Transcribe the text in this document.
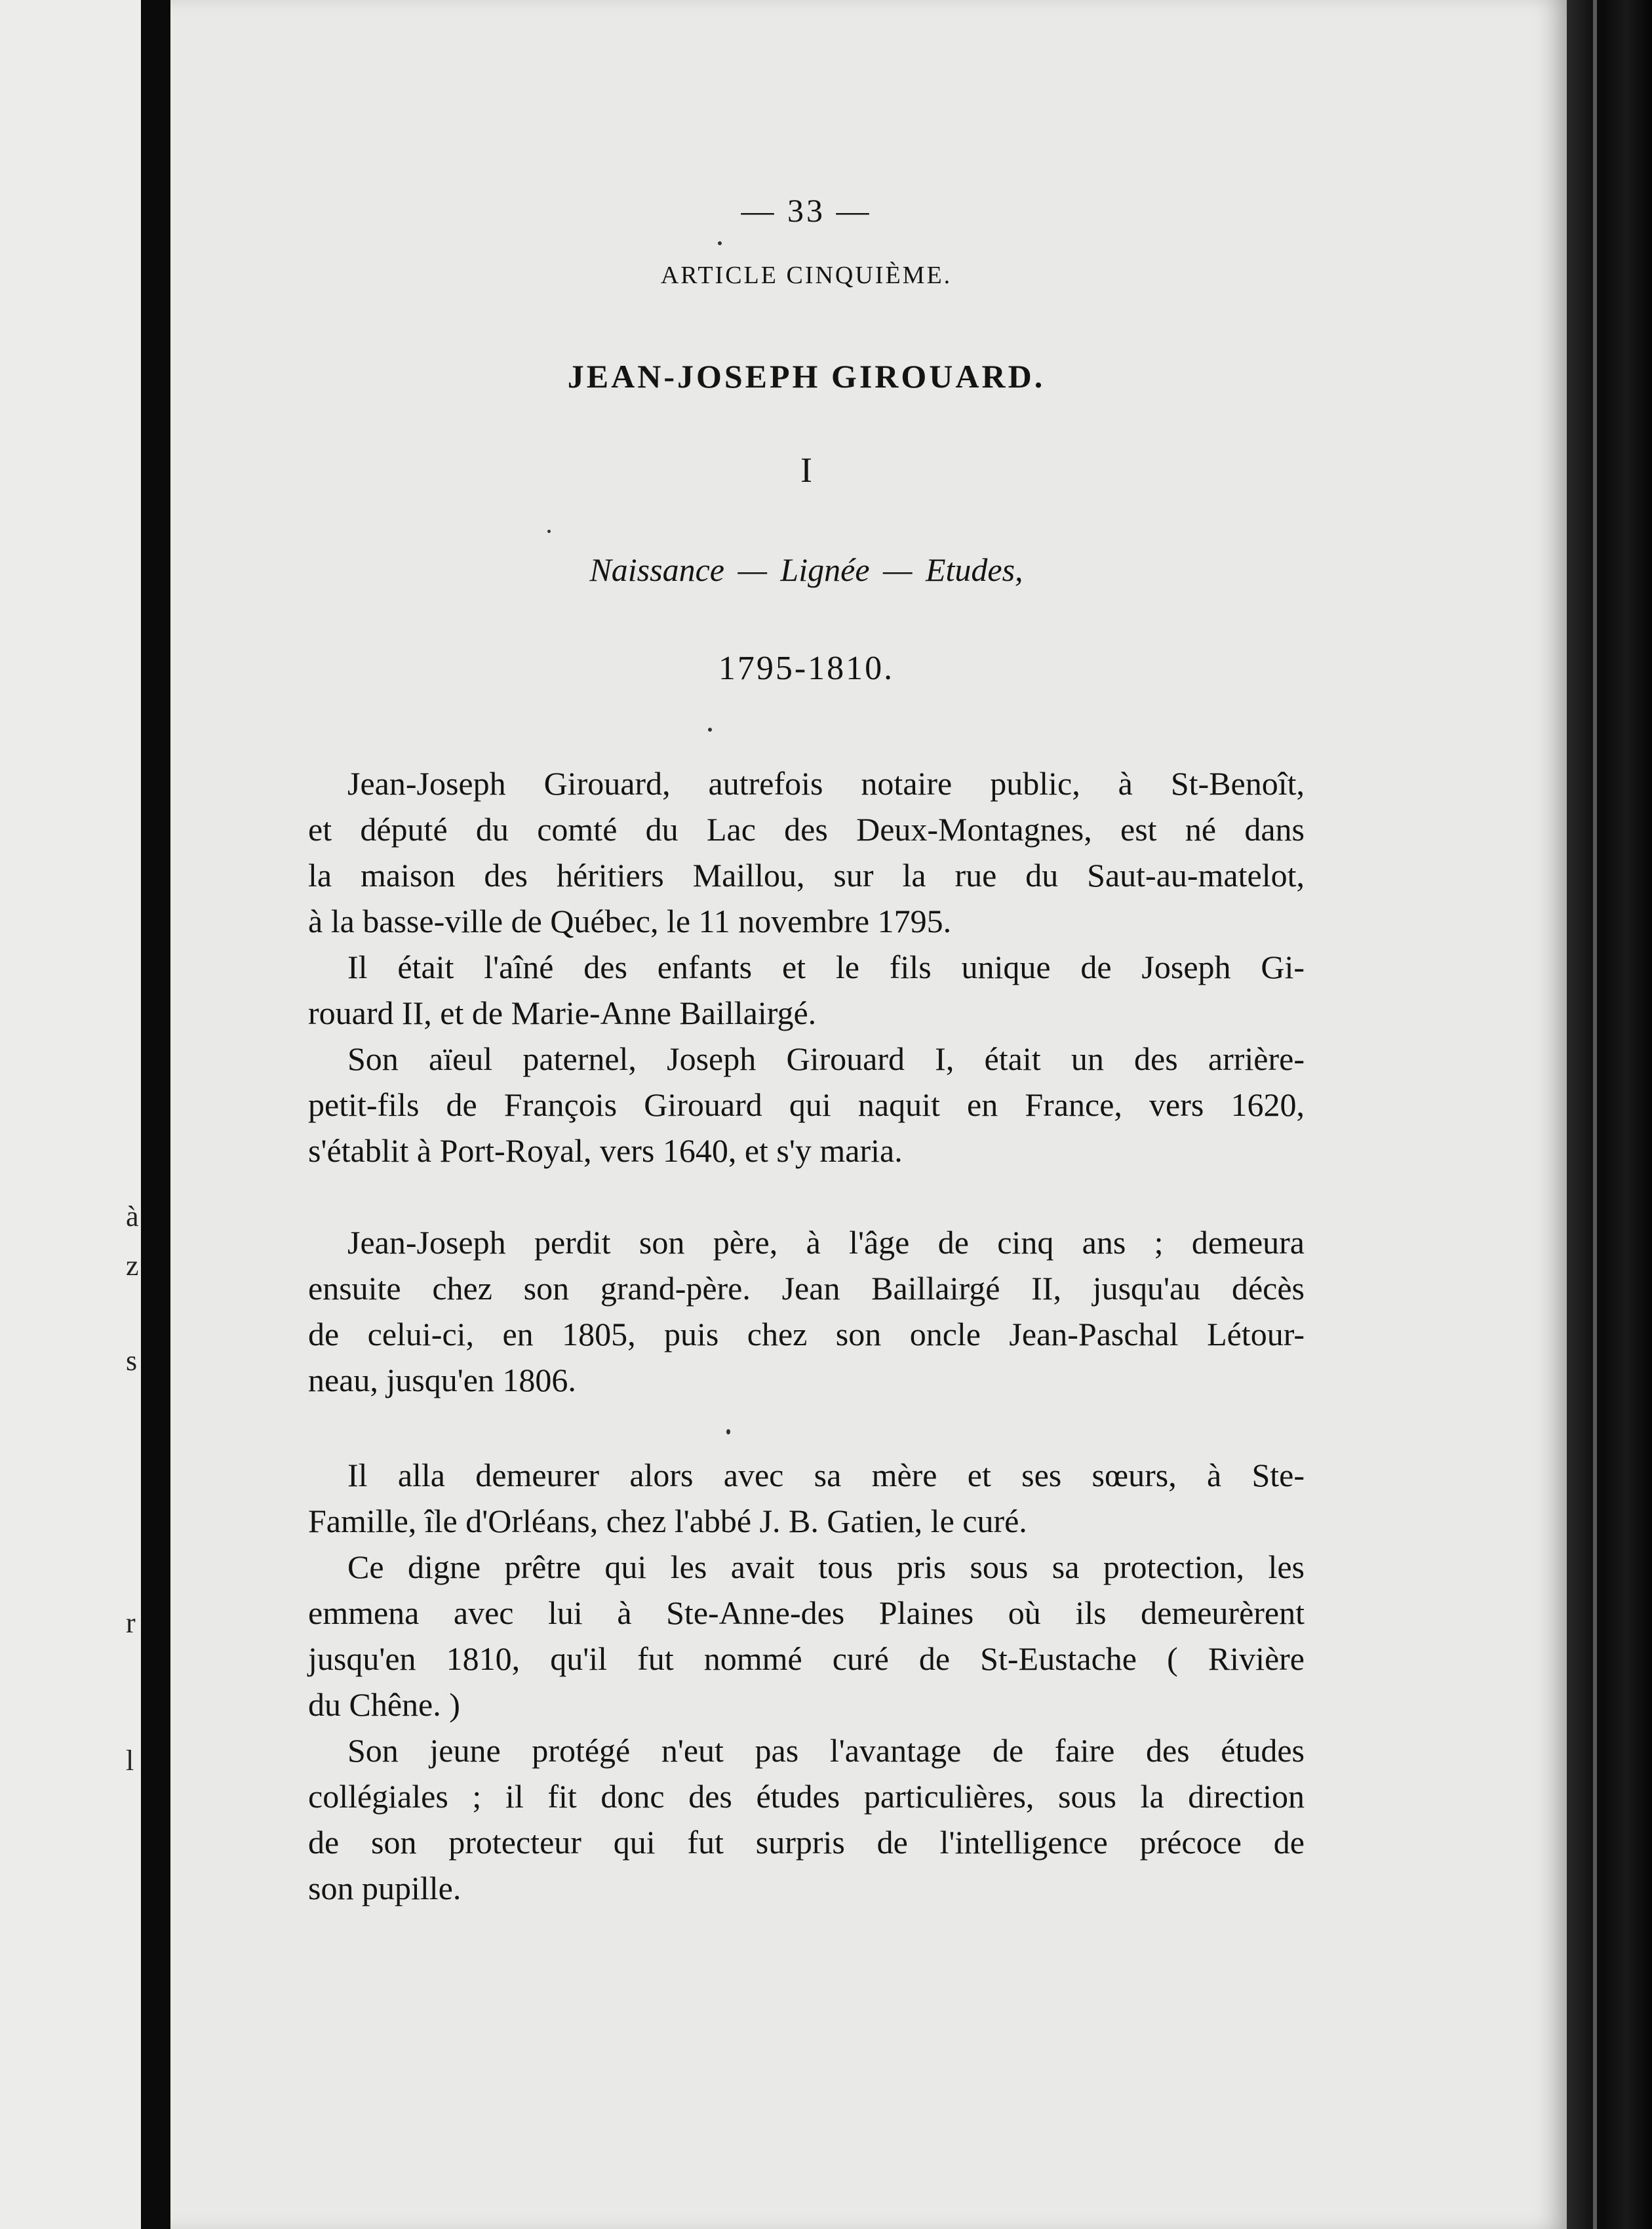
à
z
s
r
l
— 33 —
ARTICLE CINQUIÈME.
JEAN-JOSEPH GIROUARD.
I
Naissance — Lignée — Etudes,
1795-1810.
Jean-Joseph Girouard, autrefois notaire public, à St-Benoît,
et député du comté du Lac des Deux-Montagnes, est né dans
la maison des héritiers Maillou, sur la rue du Saut-au-matelot,
à la basse-ville de Québec, le 11 novembre 1795.
Il était l'aîné des enfants et le fils unique de Joseph Gi-
rouard II, et de Marie-Anne Baillairgé.
Son aïeul paternel, Joseph Girouard I, était un des arrière-
petit-fils de François Girouard qui naquit en France, vers 1620,
s'établit à Port-Royal, vers 1640, et s'y maria.
Jean-Joseph perdit son père, à l'âge de cinq ans ; demeura
ensuite chez son grand-père. Jean Baillairgé II, jusqu'au décès
de celui-ci, en 1805, puis chez son oncle Jean-Paschal Létour-
neau, jusqu'en 1806.
Il alla demeurer alors avec sa mère et ses sœurs, à Ste-
Famille, île d'Orléans, chez l'abbé J. B. Gatien, le curé.
Ce digne prêtre qui les avait tous pris sous sa protection, les
emmena avec lui à Ste-Anne-des Plaines où ils demeurèrent
jusqu'en 1810, qu'il fut nommé curé de St-Eustache ( Rivière
du Chêne. )
Son jeune protégé n'eut pas l'avantage de faire des études
collégiales ; il fit donc des études particulières, sous la direction
de son protecteur qui fut surpris de l'intelligence précoce de
son pupille.
